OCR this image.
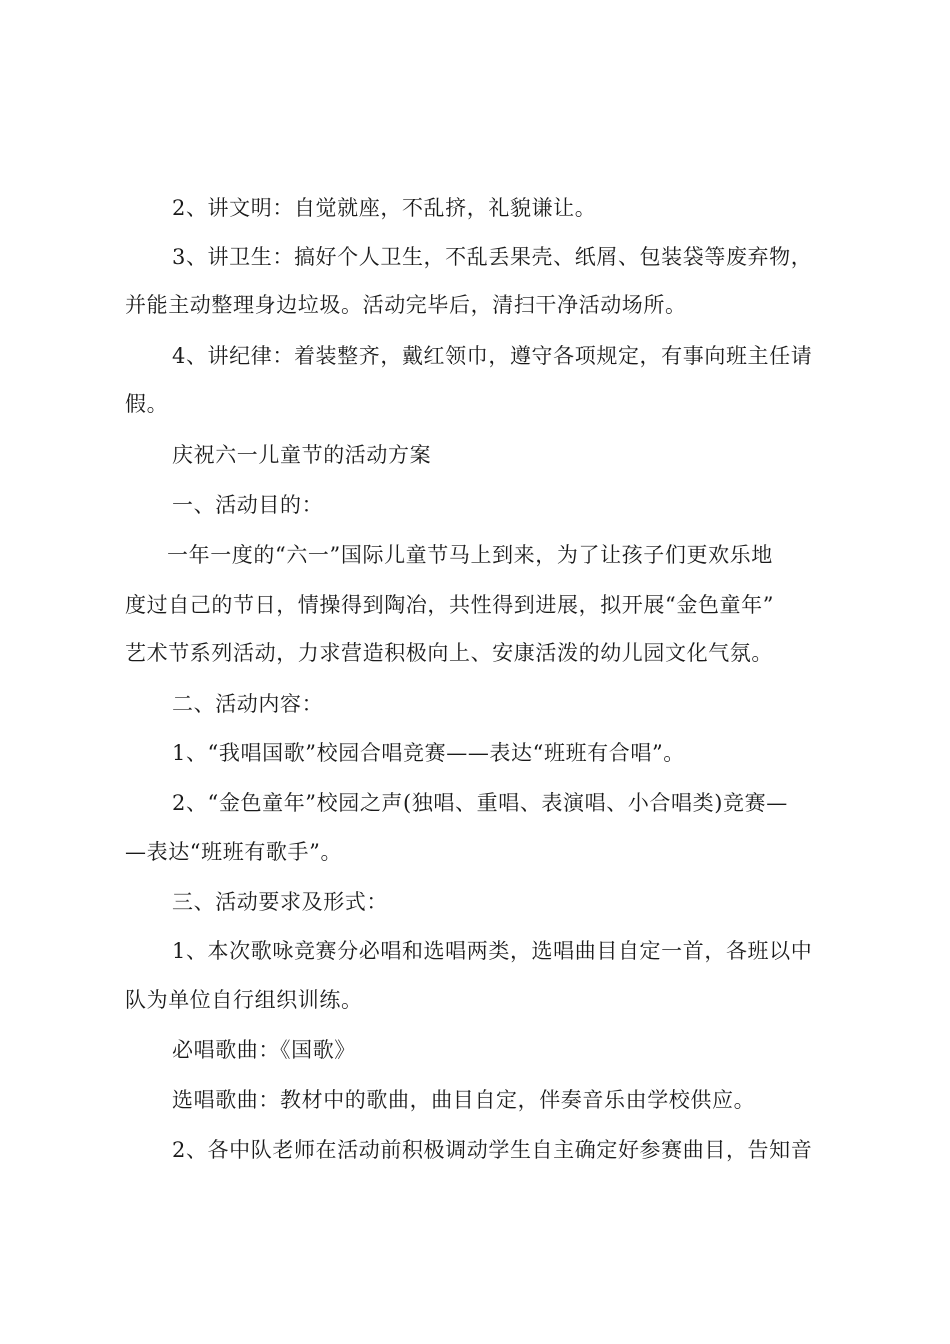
2、讲文明：自觉就座，不乱挤，礼貌谦让。
3、讲卫生：搞好个人卫生，不乱丢果壳、纸屑、包装袋等废弃物，
并能主动整理身边垃圾。活动完毕后，清扫干净活动场所。
4、讲纪律：着装整齐，戴红领巾，遵守各项规定，有事向班主任请
假。
庆祝六一儿童节的活动方案
一、活动目的：
一年一度的“六一”国际儿童节马上到来，为了让孩子们更欢乐地
度过自己的节日，情操得到陶冶，共性得到进展，拟开展“金色童年”
艺术节系列活动，力求营造积极向上、安康活泼的幼儿园文化气氛。
二、活动内容：
1、“我唱国歌”校园合唱竞赛——表达“班班有合唱”。
2、“金色童年”校园之声(独唱、重唱、表演唱、小合唱类)竞赛—
—表达“班班有歌手”。
三、活动要求及形式：
1、本次歌咏竞赛分必唱和选唱两类，选唱曲目自定一首，各班以中
队为单位自行组织训练。
必唱歌曲：《国歌》
选唱歌曲：教材中的歌曲，曲目自定，伴奏音乐由学校供应。
2、各中队老师在活动前积极调动学生自主确定好参赛曲目，告知音
